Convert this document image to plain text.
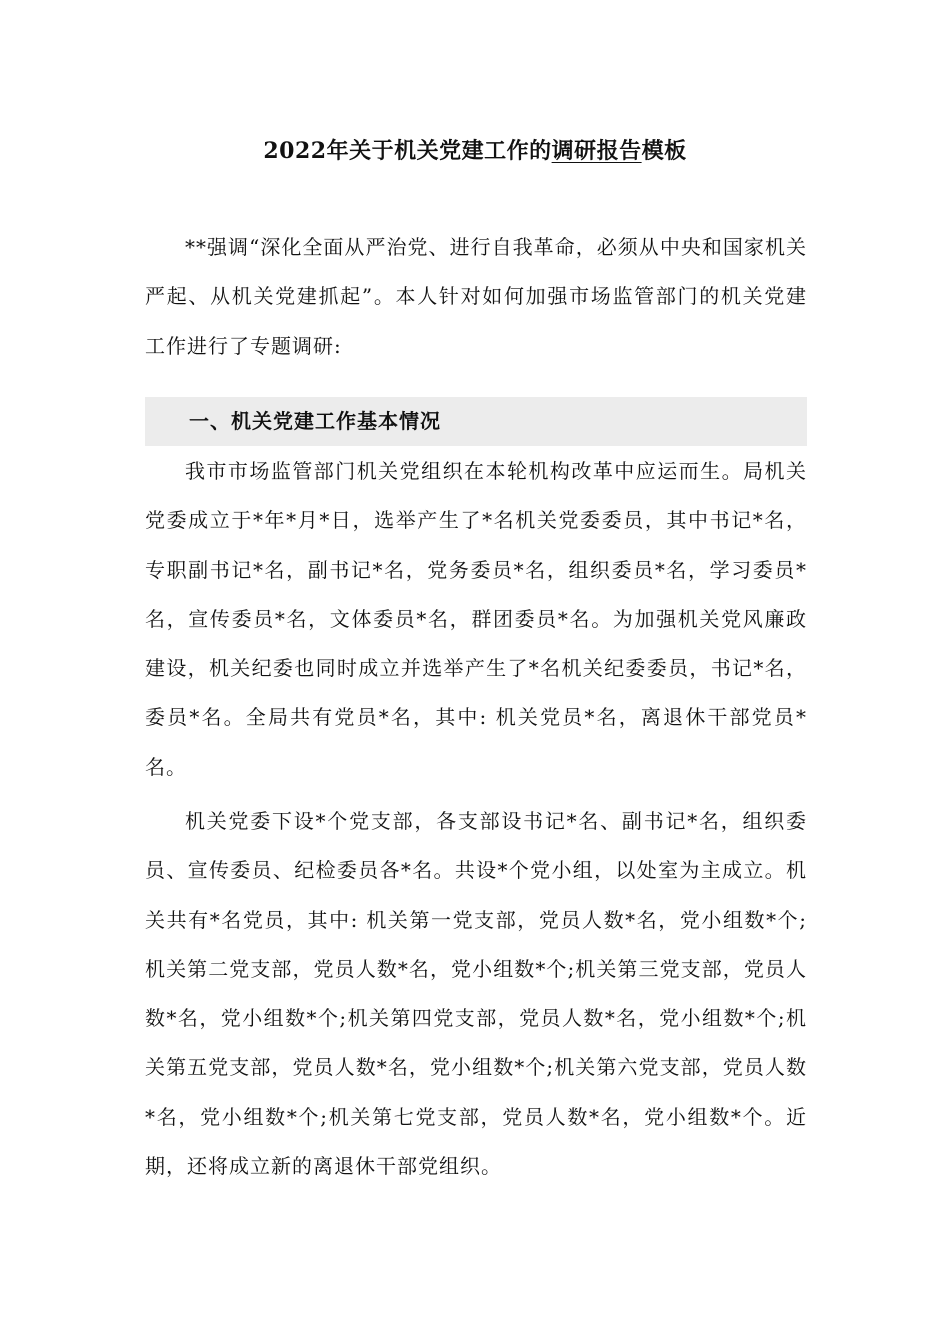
2022年关于机关党建工作的调研报告模板

**强调“深化全面从严治党、进行自我革命，必须从中央和国家机关严起、从机关党建抓起”。本人针对如何加强市场监管部门的机关党建工作进行了专题调研:

一、机关党建工作基本情况

我市市场监管部门机关党组织在本轮机构改革中应运而生。局机关党委成立于*年*月*日，选举产生了*名机关党委委员，其中书记*名，专职副书记*名，副书记*名，党务委员*名，组织委员*名，学习委员*名，宣传委员*名，文体委员*名，群团委员*名。为加强机关党风廉政建设，机关纪委也同时成立并选举产生了*名机关纪委委员，书记*名，委员*名。全局共有党员*名，其中: 机关党员*名，离退休干部党员*名。

机关党委下设*个党支部，各支部设书记*名、副书记*名，组织委员、宣传委员、纪检委员各*名。共设*个党小组，以处室为主成立。机关共有*名党员，其中: 机关第一党支部，党员人数*名，党小组数*个;机关第二党支部，党员人数*名，党小组数*个;机关第三党支部，党员人数*名，党小组数*个;机关第四党支部，党员人数*名，党小组数*个;机关第五党支部，党员人数*名，党小组数*个;机关第六党支部，党员人数*名，党小组数*个;机关第七党支部，党员人数*名，党小组数*个。近期，还将成立新的离退休干部党组织。
